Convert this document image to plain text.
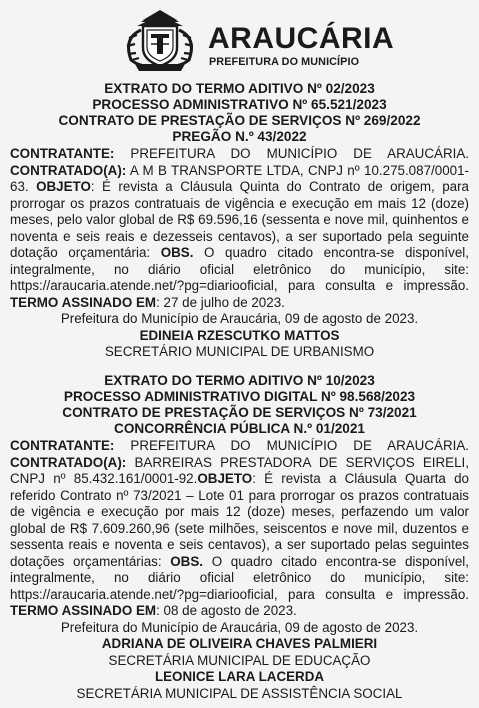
ARAUCÁRIA
PREFEITURA DO MUNICÍPIO
EXTRATO DO TERMO ADITIVO Nº 02/2023
PROCESSO ADMINISTRATIVO Nº 65.521/2023
CONTRATO DE PRESTAÇÃO DE SERVIÇOS Nº 269/2022
PREGÃO N.º 43/2022
CONTRATANTE: PREFEITURA DO MUNICÍPIO DE ARAUCÁRIA. CONTRATADO(A): A M B TRANSPORTE LTDA, CNPJ nº 10.275.087/0001-63. OBJETO: É revista a Cláusula Quinta do Contrato de origem, para prorrogar os prazos contratuais de vigência e execução em mais 12 (doze) meses, pelo valor global de R$ 69.596,16 (sessenta e nove mil, quinhentos e noventa e seis reais e dezesseis centavos), a ser suportado pela seguinte dotação orçamentária: OBS. O quadro citado encontra-se disponível, integralmente, no diário oficial eletrônico do município, site: https://araucaria.atende.net/?pg=diariooficial, para consulta e impressão. TERMO ASSINADO EM: 27 de julho de 2023.
Prefeitura do Município de Araucária, 09 de agosto de 2023.
EDINEIA RZESCUTKO MATTOS
SECRETÁRIO MUNICIPAL DE URBANISMO
EXTRATO DO TERMO ADITIVO Nº 10/2023
PROCESSO ADMINISTRATIVO DIGITAL Nº 98.568/2023
CONTRATO DE PRESTAÇÃO DE SERVIÇOS Nº 73/2021
CONCORRÊNCIA PÚBLICA N.º 01/2021
CONTRATANTE: PREFEITURA DO MUNICÍPIO DE ARAUCÁRIA. CONTRATADO(A): BARREIRAS PRESTADORA DE SERVIÇOS EIRELI, CNPJ nº 85.432.161/0001-92.OBJETO: É revista a Cláusula Quarta do referido Contrato nº 73/2021 – Lote 01 para prorrogar os prazos contratuais de vigência e execução por mais 12 (doze) meses, perfazendo um valor global de R$ 7.609.260,96 (sete milhões, seiscentos e nove mil, duzentos e sessenta reais e noventa e seis centavos), a ser suportado pelas seguintes dotações orçamentárias: OBS. O quadro citado encontra-se disponível, integralmente, no diário oficial eletrônico do município, site: https://araucaria.atende.net/?pg=diariooficial, para consulta e impressão. TERMO ASSINADO EM: 08 de agosto de 2023.
Prefeitura do Município de Araucária, 09 de agosto de 2023.
ADRIANA DE OLIVEIRA CHAVES PALMIERI
SECRETÁRIA MUNICIPAL DE EDUCAÇÃO
LEONICE LARA LACERDA
SECRETÁRIA MUNICIPAL DE ASSISTÊNCIA SOCIAL
